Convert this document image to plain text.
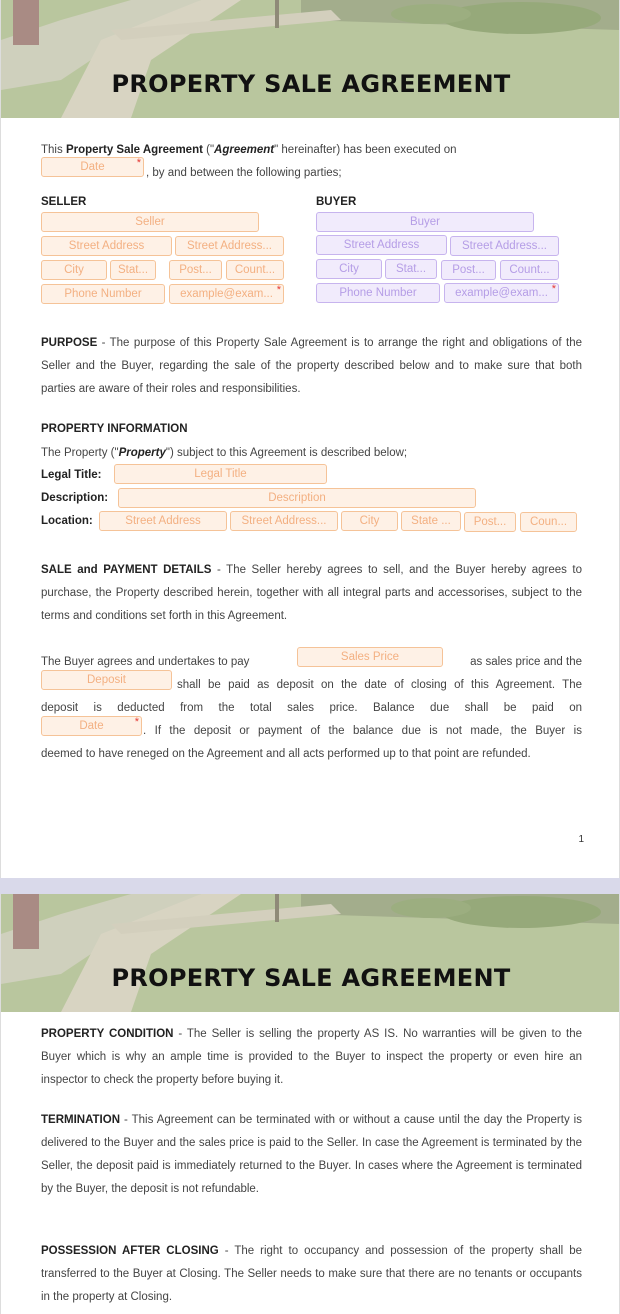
PROPERTY SALE AGREEMENT
This Property Sale Agreement ("Agreement" hereinafter) has been executed on
, by and between the following parties;
Date *
SELLER	BUYER
Seller
Street Address	Street Address...
City	Stat...	Post...	Count...
Phone Number	example@exam... *
Buyer
Street Address	Street Address...
City	Stat...	Post...	Count...
Phone Number	example@exam... *
PURPOSE - The purpose of this Property Sale Agreement is to arrange the right and obligations of the Seller and the Buyer, regarding the sale of the property described below and to make sure that both parties are aware of their roles and responsibilities.
PROPERTY INFORMATION
The Property ("Property") subject to this Agreement is described below;
Legal Title:	Legal Title
Description:	Description
Location:	Street Address	Street Address...	City	State ...	Post...	Coun...
SALE and PAYMENT DETAILS - The Seller hereby agrees to sell, and the Buyer hereby agrees to purchase, the Property described herein, together with all integral parts and accessorises, subject to the terms and conditions set forth in this Agreement.
The Buyer agrees and undertakes to pay	as sales price and the
shall be paid as deposit on the date of closing of this Agreement. The
deposit is deducted from the total sales price. Balance due shall be paid on
. If the deposit or payment of the balance due is not made, the Buyer is
deemed to have reneged on the Agreement and all acts performed up to that point are refunded.
Sales Price
Deposit
Date *
1
PROPERTY SALE AGREEMENT
PROPERTY CONDITION - The Seller is selling the property AS IS. No warranties will be given to the Buyer which is why an ample time is provided to the Buyer to inspect the property or even hire an inspector to check the property before buying it.
TERMINATION - This Agreement can be terminated with or without a cause until the day the Property is delivered to the Buyer and the sales price is paid to the Seller. In case the Agreement is terminated by the Seller, the deposit paid is immediately returned to the Buyer. In cases where the Agreement is terminated by the Buyer, the deposit is not refundable.
POSSESSION AFTER CLOSING - The right to occupancy and possession of the property shall be transferred to the Buyer at Closing. The Seller needs to make sure that there are no tenants or occupants in the property at Closing.
